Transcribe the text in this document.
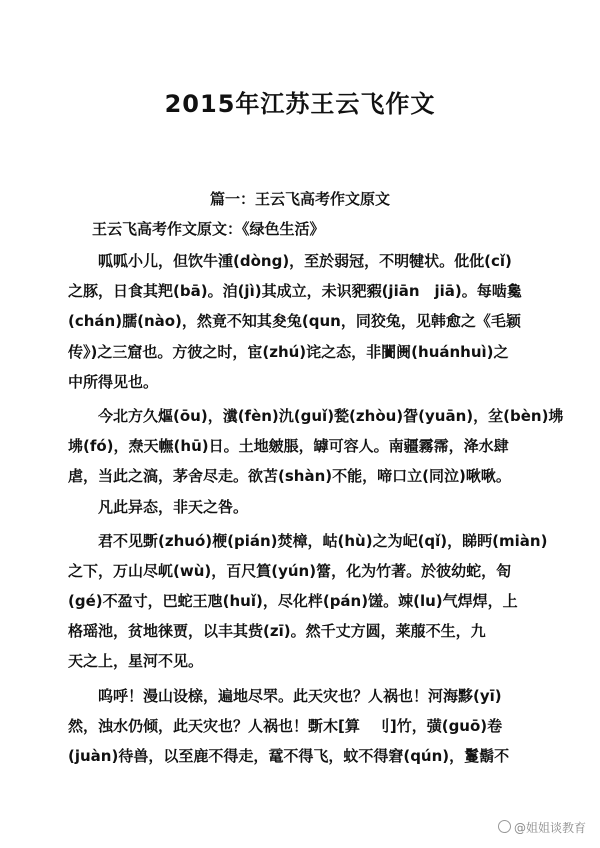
2015年江苏王云飞作文
篇一：王云飞高考作文原文
王云飞高考作文原文：《绿色生活》
呱呱小儿，但饮牛湩(dòng)，至於弱冠，不明犍状。仳仳(cǐ)
之豚，日食其羓(bā)。洎(jì)其成立，未识豝豭(jiān　jiā)。每啮毚
(chán)臑(nào)，然竟不知其夋兔(qun，同狡兔，见韩愈之《毛颖
传》)之三窟也。方彼之时，宦(zhú)诧之态，非闠阓(huánhuì)之
中所得见也。
今北方久熰(ōu)，瀵(fèn)氿(guǐ)甃(zhòu)眢(yuān)，坌(bèn)坲
坲(fó)，焘天幠(hū)日。土地皴脹，罅可容人。南疆霧霈，洚水肆
虐，当此之滈，茅舍尽走。欲苫(shàn)不能，啼口立(同泣)啾啾。
凡此异态，非天之咎。
君不见斲(zhuó)楩(pián)焚樟，岵(hù)之为屺(qǐ)，睇眄(miàn)
之下，万山尽屼(wù)，百尺篔(yún)簹，化为竹著。於彼幼蛇，匌
(gé)不盈寸，巴蛇王虺(huǐ)，尽化柈(pán)馐。竦(lu)气焊焊，上
格瑶池，贫地徕贾，以丰其赀(zī)。然千丈方圆，莱菔不生，九
天之上，星河不见。
呜呼！漫山设榇，遍地尽罘。此天灾也？人祸也！河海黟(yī)
然，浊水仍倾，此天灾也？人祸也！斲木[算　刂]竹，彉(guō)卷
(juàn)待兽，以至鹿不得走，鼋不得飞，蚊不得窘(qún)，鬘鬍不
@姐姐谈教育
